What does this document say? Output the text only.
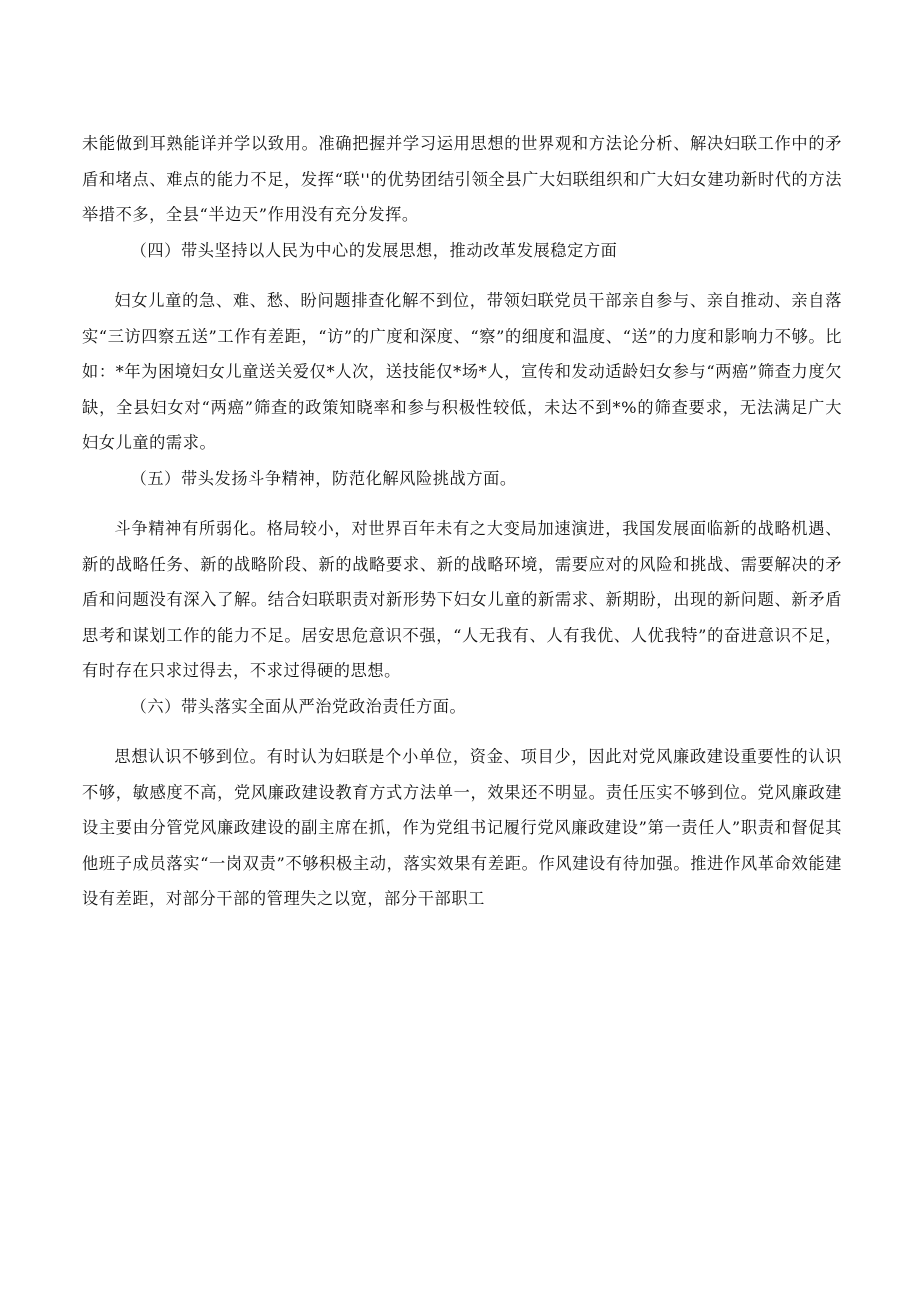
未能做到耳熟能详并学以致用。准确把握并学习运用思想的世界观和方法论分析、解决妇联工作中的矛盾和堵点、难点的能力不足，发挥“联''的优势团结引领全县广大妇联组织和广大妇女建功新时代的方法举措不多，全县“半边天”作用没有充分发挥。

（四）带头坚持以人民为中心的发展思想，推动改革发展稳定方面

妇女儿童的急、难、愁、盼问题排查化解不到位，带领妇联党员干部亲自参与、亲自推动、亲自落实“三访四察五送”工作有差距，“访”的广度和深度、“察”的细度和温度、“送”的力度和影响力不够。比如：*年为困境妇女儿童送关爱仅*人次，送技能仅*场*人，宣传和发动适龄妇女参与“两癌”筛查力度欠缺，全县妇女对“两癌”筛查的政策知晓率和参与积极性较低，未达不到*%的筛查要求，无法满足广大妇女儿童的需求。

（五）带头发扬斗争精神，防范化解风险挑战方面。

斗争精神有所弱化。格局较小，对世界百年未有之大变局加速演进，我国发展面临新的战略机遇、新的战略任务、新的战略阶段、新的战略要求、新的战略环境，需要应对的风险和挑战、需要解决的矛盾和问题没有深入了解。结合妇联职责对新形势下妇女儿童的新需求、新期盼，出现的新问题、新矛盾思考和谋划工作的能力不足。居安思危意识不强，“人无我有、人有我优、人优我特”的奋进意识不足，有时存在只求过得去，不求过得硬的思想。

（六）带头落实全面从严治党政治责任方面。

思想认识不够到位。有时认为妇联是个小单位，资金、项目少，因此对党风廉政建设重要性的认识不够，敏感度不高，党风廉政建设教育方式方法单一，效果还不明显。责任压实不够到位。党风廉政建设主要由分管党风廉政建设的副主席在抓，作为党组书记履行党风廉政建设”第一责任人”职责和督促其他班子成员落实“一岗双责”不够积极主动，落实效果有差距。作风建设有待加强。推进作风革命效能建设有差距，对部分干部的管理失之以宽，部分干部职工
